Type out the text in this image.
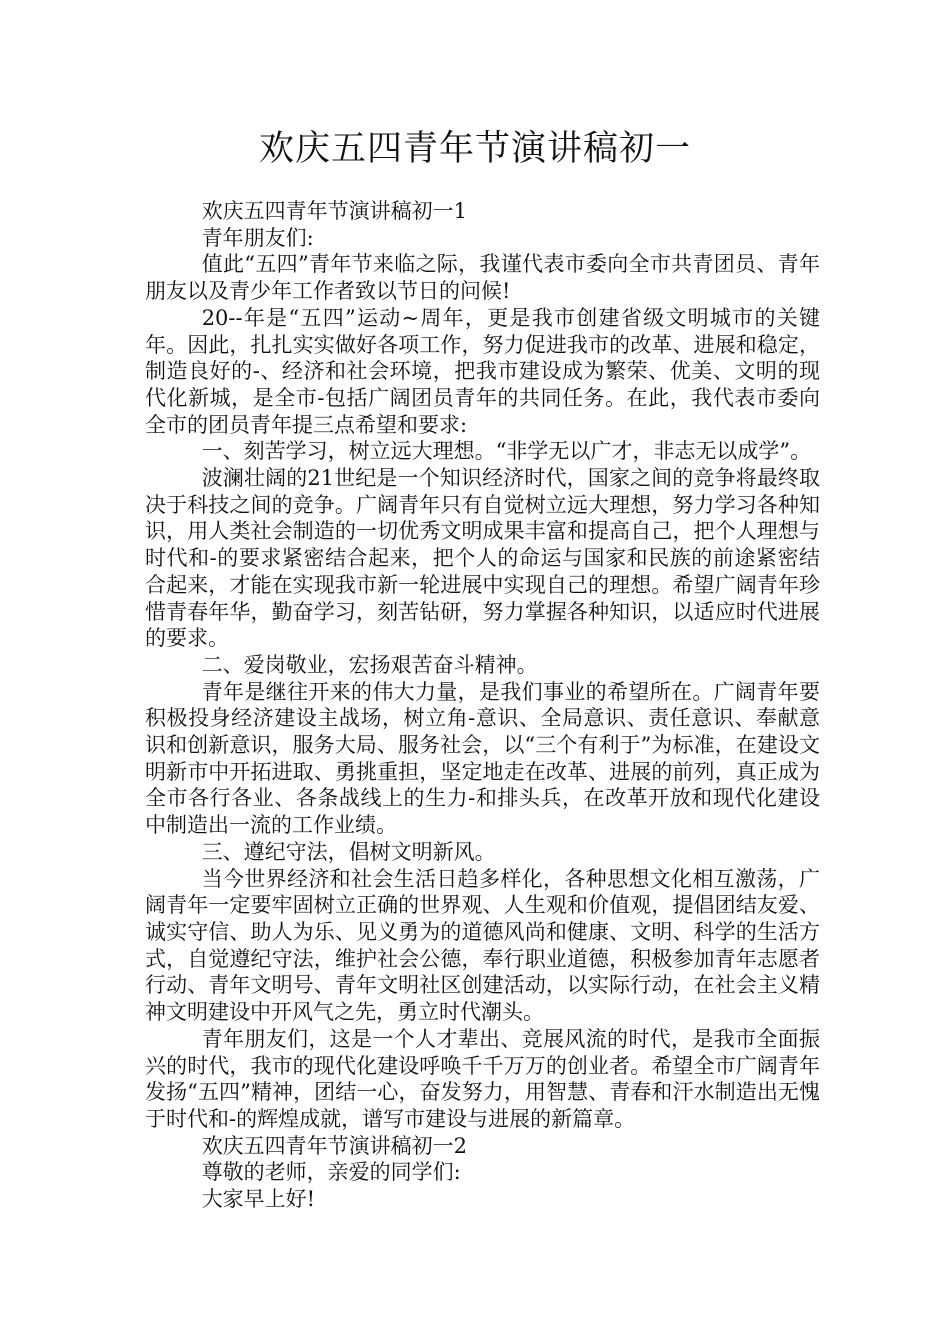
欢庆五四青年节演讲稿初一

欢庆五四青年节演讲稿初一1

青年朋友们:

值此“五四”青年节来临之际，我谨代表市委向全市共青团员、青年朋友以及青少年工作者致以节日的问候!

20--年是“五四”运动~周年，更是我市创建省级文明城市的关键年。因此，扎扎实实做好各项工作，努力促进我市的改革、进展和稳定，制造良好的-、经济和社会环境，把我市建设成为繁荣、优美、文明的现代化新城，是全市-包括广阔团员青年的共同任务。在此，我代表市委向全市的团员青年提三点希望和要求:

一、刻苦学习，树立远大理想。“非学无以广才，非志无以成学”。

波澜壮阔的21世纪是一个知识经济时代，国家之间的竞争将最终取决于科技之间的竞争。广阔青年只有自觉树立远大理想，努力学习各种知识，用人类社会制造的一切优秀文明成果丰富和提高自己，把个人理想与时代和-的要求紧密结合起来，把个人的命运与国家和民族的前途紧密结合起来，才能在实现我市新一轮进展中实现自己的理想。希望广阔青年珍惜青春年华，勤奋学习，刻苦钻研，努力掌握各种知识，以适应时代进展的要求。

二、爱岗敬业，宏扬艰苦奋斗精神。

青年是继往开来的伟大力量，是我们事业的希望所在。广阔青年要积极投身经济建设主战场，树立角-意识、全局意识、责任意识、奉献意识和创新意识，服务大局、服务社会，以“三个有利于”为标准，在建设文明新市中开拓进取、勇挑重担，坚定地走在改革、进展的前列，真正成为全市各行各业、各条战线上的生力-和排头兵，在改革开放和现代化建设中制造出一流的工作业绩。

三、遵纪守法，倡树文明新风。

当今世界经济和社会生活日趋多样化，各种思想文化相互激荡，广阔青年一定要牢固树立正确的世界观、人生观和价值观，提倡团结友爱、诚实守信、助人为乐、见义勇为的道德风尚和健康、文明、科学的生活方式，自觉遵纪守法，维护社会公德，奉行职业道德，积极参加青年志愿者行动、青年文明号、青年文明社区创建活动，以实际行动，在社会主义精神文明建设中开风气之先，勇立时代潮头。

青年朋友们，这是一个人才辈出、竞展风流的时代，是我市全面振兴的时代，我市的现代化建设呼唤千千万万的创业者。希望全市广阔青年发扬“五四”精神，团结一心，奋发努力，用智慧、青春和汗水制造出无愧于时代和-的辉煌成就，谱写市建设与进展的新篇章。

欢庆五四青年节演讲稿初一2

尊敬的老师，亲爱的同学们:

大家早上好!
